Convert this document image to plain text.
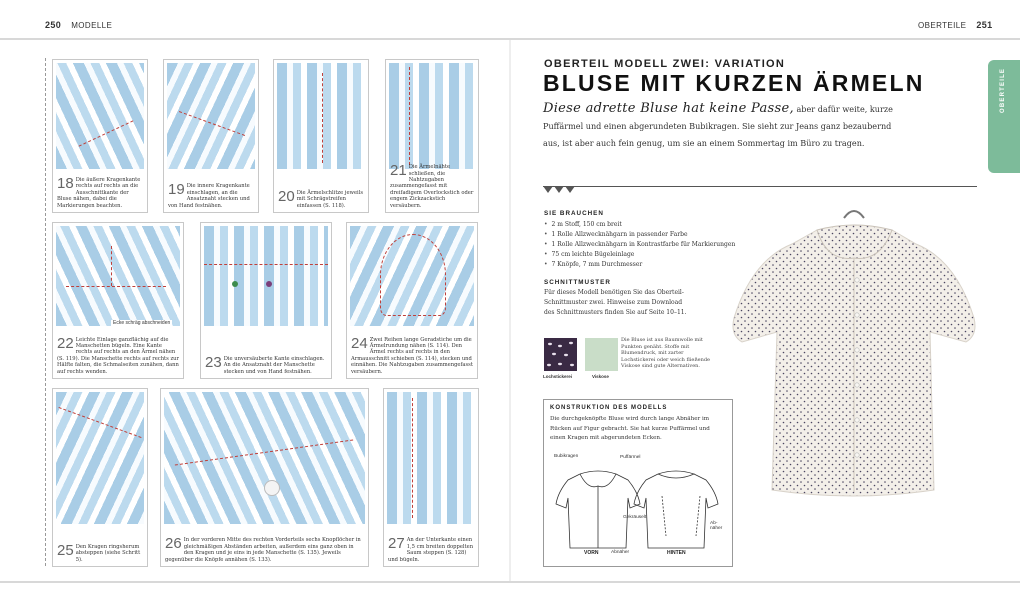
250 MODELLE	OBERTEILE 251
18 Die äußere Kragenkante rechts auf rechts an die Ausschnittkante der Bluse nähen, dabei die Markierungen beachten.
19 Die innere Kragenkante einschlagen, an die Ansatznaht stecken und von Hand festnähen.
20 Die Ärmelschlitze jeweils mit Schrägstreifen einfassen (S. 118).
21 Die Ärmelnähte schließen, die Nahtzugaben zusammengefasst mit dreifadigem Overlockstich oder engem Zickzackstich versäubern.
Ecke schräg abschneiden
22 Leichte Einlage ganzflächig auf die Manschetten bügeln. Eine Kante rechts auf rechts an den Ärmel nähen (S. 119). Die Manschette rechts auf rechts zur Hälfte falten, die Schmalseiten zunähen, dann auf rechts wenden.
23 Die unversäuberte Kante einschlagen. An die Ansatznaht der Manschette stecken und von Hand festnähen.
24 Zwei Reihen lange Geradstiche um die Ärmelrundung nähen (S. 114). Den Ärmel rechts auf rechts in den Armausschnitt schieben (S. 114), stecken und einnähen. Die Nahtzugaben zusammengefasst versäubern.
25 Den Kragen ringsherum absteppen (siehe Schritt 5).
26 In der vorderen Mitte des rechten Vorderteils sechs Knopflöcher in gleichmäßigen Abständen arbeiten, außerdem eins ganz oben in den Kragen und je eins in jede Manschette (S. 135). Jeweils gegenüber die Knöpfe annähen (S. 133).
27 An der Unterkante einen 1,5 cm breiten doppelten Saum steppen (S. 128) und bügeln.
OBERTEIL MODELL ZWEI: VARIATION
BLUSE MIT KURZEN ÄRMELN
Diese adrette Bluse hat keine Passe, aber dafür weite, kurze Puffärmel und einen abgerundeten Bubikragen. Sie sieht zur Jeans ganz bezaubernd aus, ist aber auch fein genug, um sie an einem Sommertag im Büro zu tragen.
OBERTEILE
SIE BRAUCHEN
• 2 m Stoff, 150 cm breit
• 1 Rolle Allzwecknähgarn in passender Farbe
• 1 Rolle Allzwecknähgarn in Kontrastfarbe für Markierungen
• 75 cm leichte Bügeleinlage
• 7 Knöpfe, 7 mm Durchmesser
SCHNITTMUSTER
Für dieses Modell benötigen Sie das Oberteil-Schnittmuster zwei. Hinweise zum Download des Schnittmusters finden Sie auf Seite 10–11.
Lochstickerei	Viskose
Die Bluse ist aus Baumwolle mit Punkten genäht. Stoffe mit Blumendruck, mit zarter Lochstickerei oder weich fließende Viskose sind gute Alternativen.
KONSTRUKTION DES MODELLS
Die durchgeknöpfte Bluse wird durch lange Abnäher im Rücken auf Figur gebracht. Sie hat kurze Puffärmel und einen Kragen mit abgerundeten Ecken.
Bubikragen	Puffärmel
Gekräuselt
Ab-
näher
VORN	Abnäher	HINTEN
